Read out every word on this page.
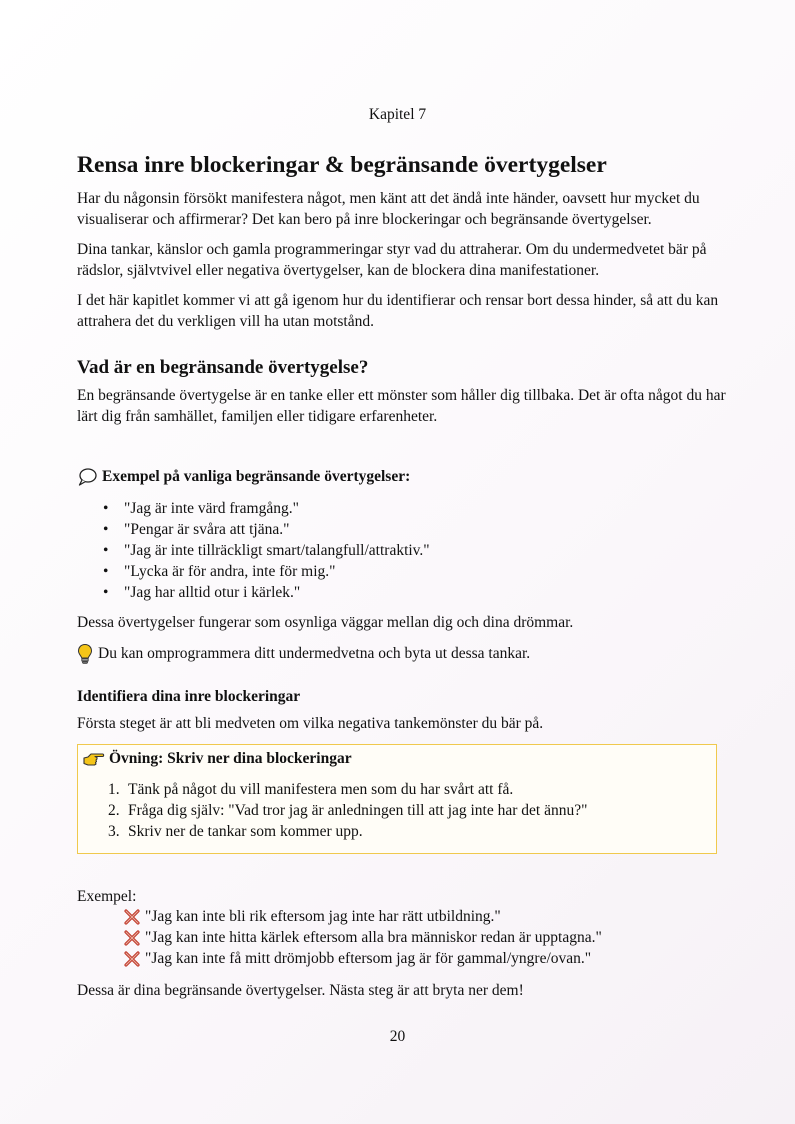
Kapitel 7
Rensa inre blockeringar & begränsande övertygelser

Har du någonsin försökt manifestera något, men känt att det ändå inte händer, oavsett hur mycket du visualiserar och affirmerar? Det kan bero på inre blockeringar och begränsande övertygelser.

Dina tankar, känslor och gamla programmeringar styr vad du attraherar. Om du undermedvetet bär på rädslor, självtvivel eller negativa övertygelser, kan de blockera dina manifestationer.

I det här kapitlet kommer vi att gå igenom hur du identifierar och rensar bort dessa hinder, så att du kan attrahera det du verkligen vill ha utan motstånd.

Vad är en begränsande övertygelse?

En begränsande övertygelse är en tanke eller ett mönster som håller dig tillbaka. Det är ofta något du har lärt dig från samhället, familjen eller tidigare erfarenheter.

Exempel på vanliga begränsande övertygelser:
•	"Jag är inte värd framgång."
•	"Pengar är svåra att tjäna."
•	"Jag är inte tillräckligt smart/talangfull/attraktiv."
•	"Lycka är för andra, inte för mig."
•	"Jag har alltid otur i kärlek."

Dessa övertygelser fungerar som osynliga väggar mellan dig och dina drömmar.

Du kan omprogrammera ditt undermedvetna och byta ut dessa tankar.
Identifiera dina inre blockeringar

Första steget är att bli medveten om vilka negativa tankemönster du bär på.

Övning: Skriv ner dina blockeringar
1. Tänk på något du vill manifestera men som du har svårt att få.
2. Fråga dig själv: "Vad tror jag är anledningen till att jag inte har det ännu?"
3. Skriv ner de tankar som kommer upp.

Exempel:

"Jag kan inte bli rik eftersom jag inte har rätt utbildning."
"Jag kan inte hitta kärlek eftersom alla bra människor redan är upptagna."
"Jag kan inte få mitt drömjobb eftersom jag är för gammal/yngre/ovan."

Dessa är dina begränsande övertygelser. Nästa steg är att bryta ner dem!

20
